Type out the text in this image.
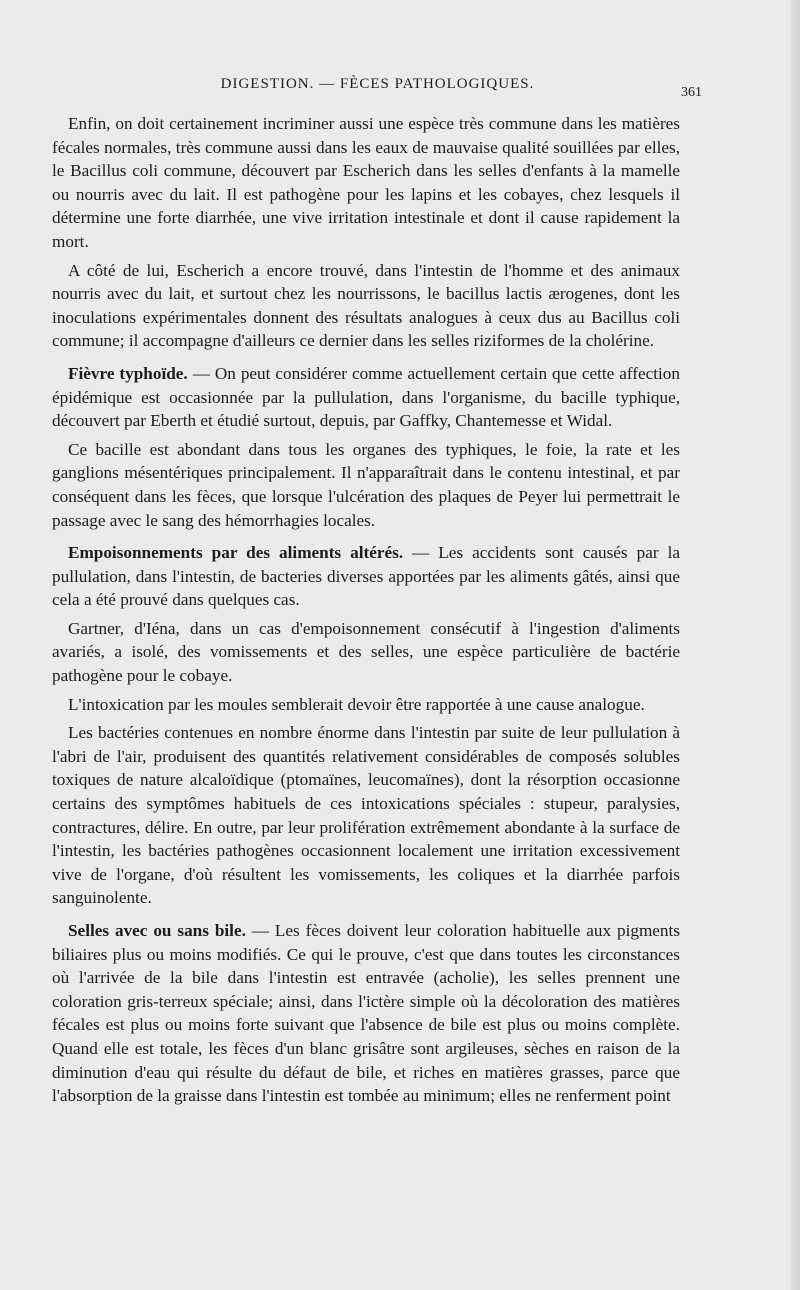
DIGESTION. — FÈCES PATHOLOGIQUES.
361

Enfin, on doit certainement incriminer aussi une espèce très commune dans les matières fécales normales, très commune aussi dans les eaux de mauvaise qualité souillées par elles, le Bacillus coli commune, découvert par Escherich dans les selles d'enfants à la mamelle ou nourris avec du lait. Il est pathogène pour les lapins et les cobayes, chez lesquels il détermine une forte diarrhée, une vive irritation intestinale et dont il cause rapidement la mort.

A côté de lui, Escherich a encore trouvé, dans l'intestin de l'homme et des animaux nourris avec du lait, et surtout chez les nourrissons, le bacillus lactis ærogenes, dont les inoculations expérimentales donnent des résultats analogues à ceux dus au Bacillus coli commune; il accompagne d'ailleurs ce dernier dans les selles riziformes de la cholérine.

Fièvre typhoïde. — On peut considérer comme actuellement certain que cette affection épidémique est occasionnée par la pullulation, dans l'organisme, du bacille typhique, découvert par Eberth et étudié surtout, depuis, par Gaffky, Chantemesse et Widal.

Ce bacille est abondant dans tous les organes des typhiques, le foie, la rate et les ganglions mésentériques principalement. Il n'apparaîtrait dans le contenu intestinal, et par conséquent dans les fèces, que lorsque l'ulcération des plaques de Peyer lui permettrait le passage avec le sang des hémorrhagies locales.

Empoisonnements par des aliments altérés. — Les accidents sont causés par la pullulation, dans l'intestin, de bacteries diverses apportées par les aliments gâtés, ainsi que cela a été prouvé dans quelques cas.

Gartner, d'Iéna, dans un cas d'empoisonnement consécutif à l'ingestion d'aliments avariés, a isolé, des vomissements et des selles, une espèce particulière de bactérie pathogène pour le cobaye.

L'intoxication par les moules semblerait devoir être rapportée à une cause analogue.

Les bactéries contenues en nombre énorme dans l'intestin par suite de leur pullulation à l'abri de l'air, produisent des quantités relativement considérables de composés solubles toxiques de nature alcaloïdique (ptomaïnes, leucomaïnes), dont la résorption occasionne certains des symptômes habituels de ces intoxications spéciales : stupeur, paralysies, contractures, délire. En outre, par leur prolifération extrêmement abondante à la surface de l'intestin, les bactéries pathogènes occasionnent localement une irritation excessivement vive de l'organe, d'où résultent les vomissements, les coliques et la diarrhée parfois sanguinolente.

Selles avec ou sans bile. — Les fèces doivent leur coloration habituelle aux pigments biliaires plus ou moins modifiés. Ce qui le prouve, c'est que dans toutes les circonstances où l'arrivée de la bile dans l'intestin est entravée (acholie), les selles prennent une coloration gris-terreux spéciale; ainsi, dans l'ictère simple où la décoloration des matières fécales est plus ou moins forte suivant que l'absence de bile est plus ou moins complète. Quand elle est totale, les fèces d'un blanc grisâtre sont argileuses, sèches en raison de la diminution d'eau qui résulte du défaut de bile, et riches en matières grasses, parce que l'absorption de la graisse dans l'intestin est tombée au minimum; elles ne renferment point
